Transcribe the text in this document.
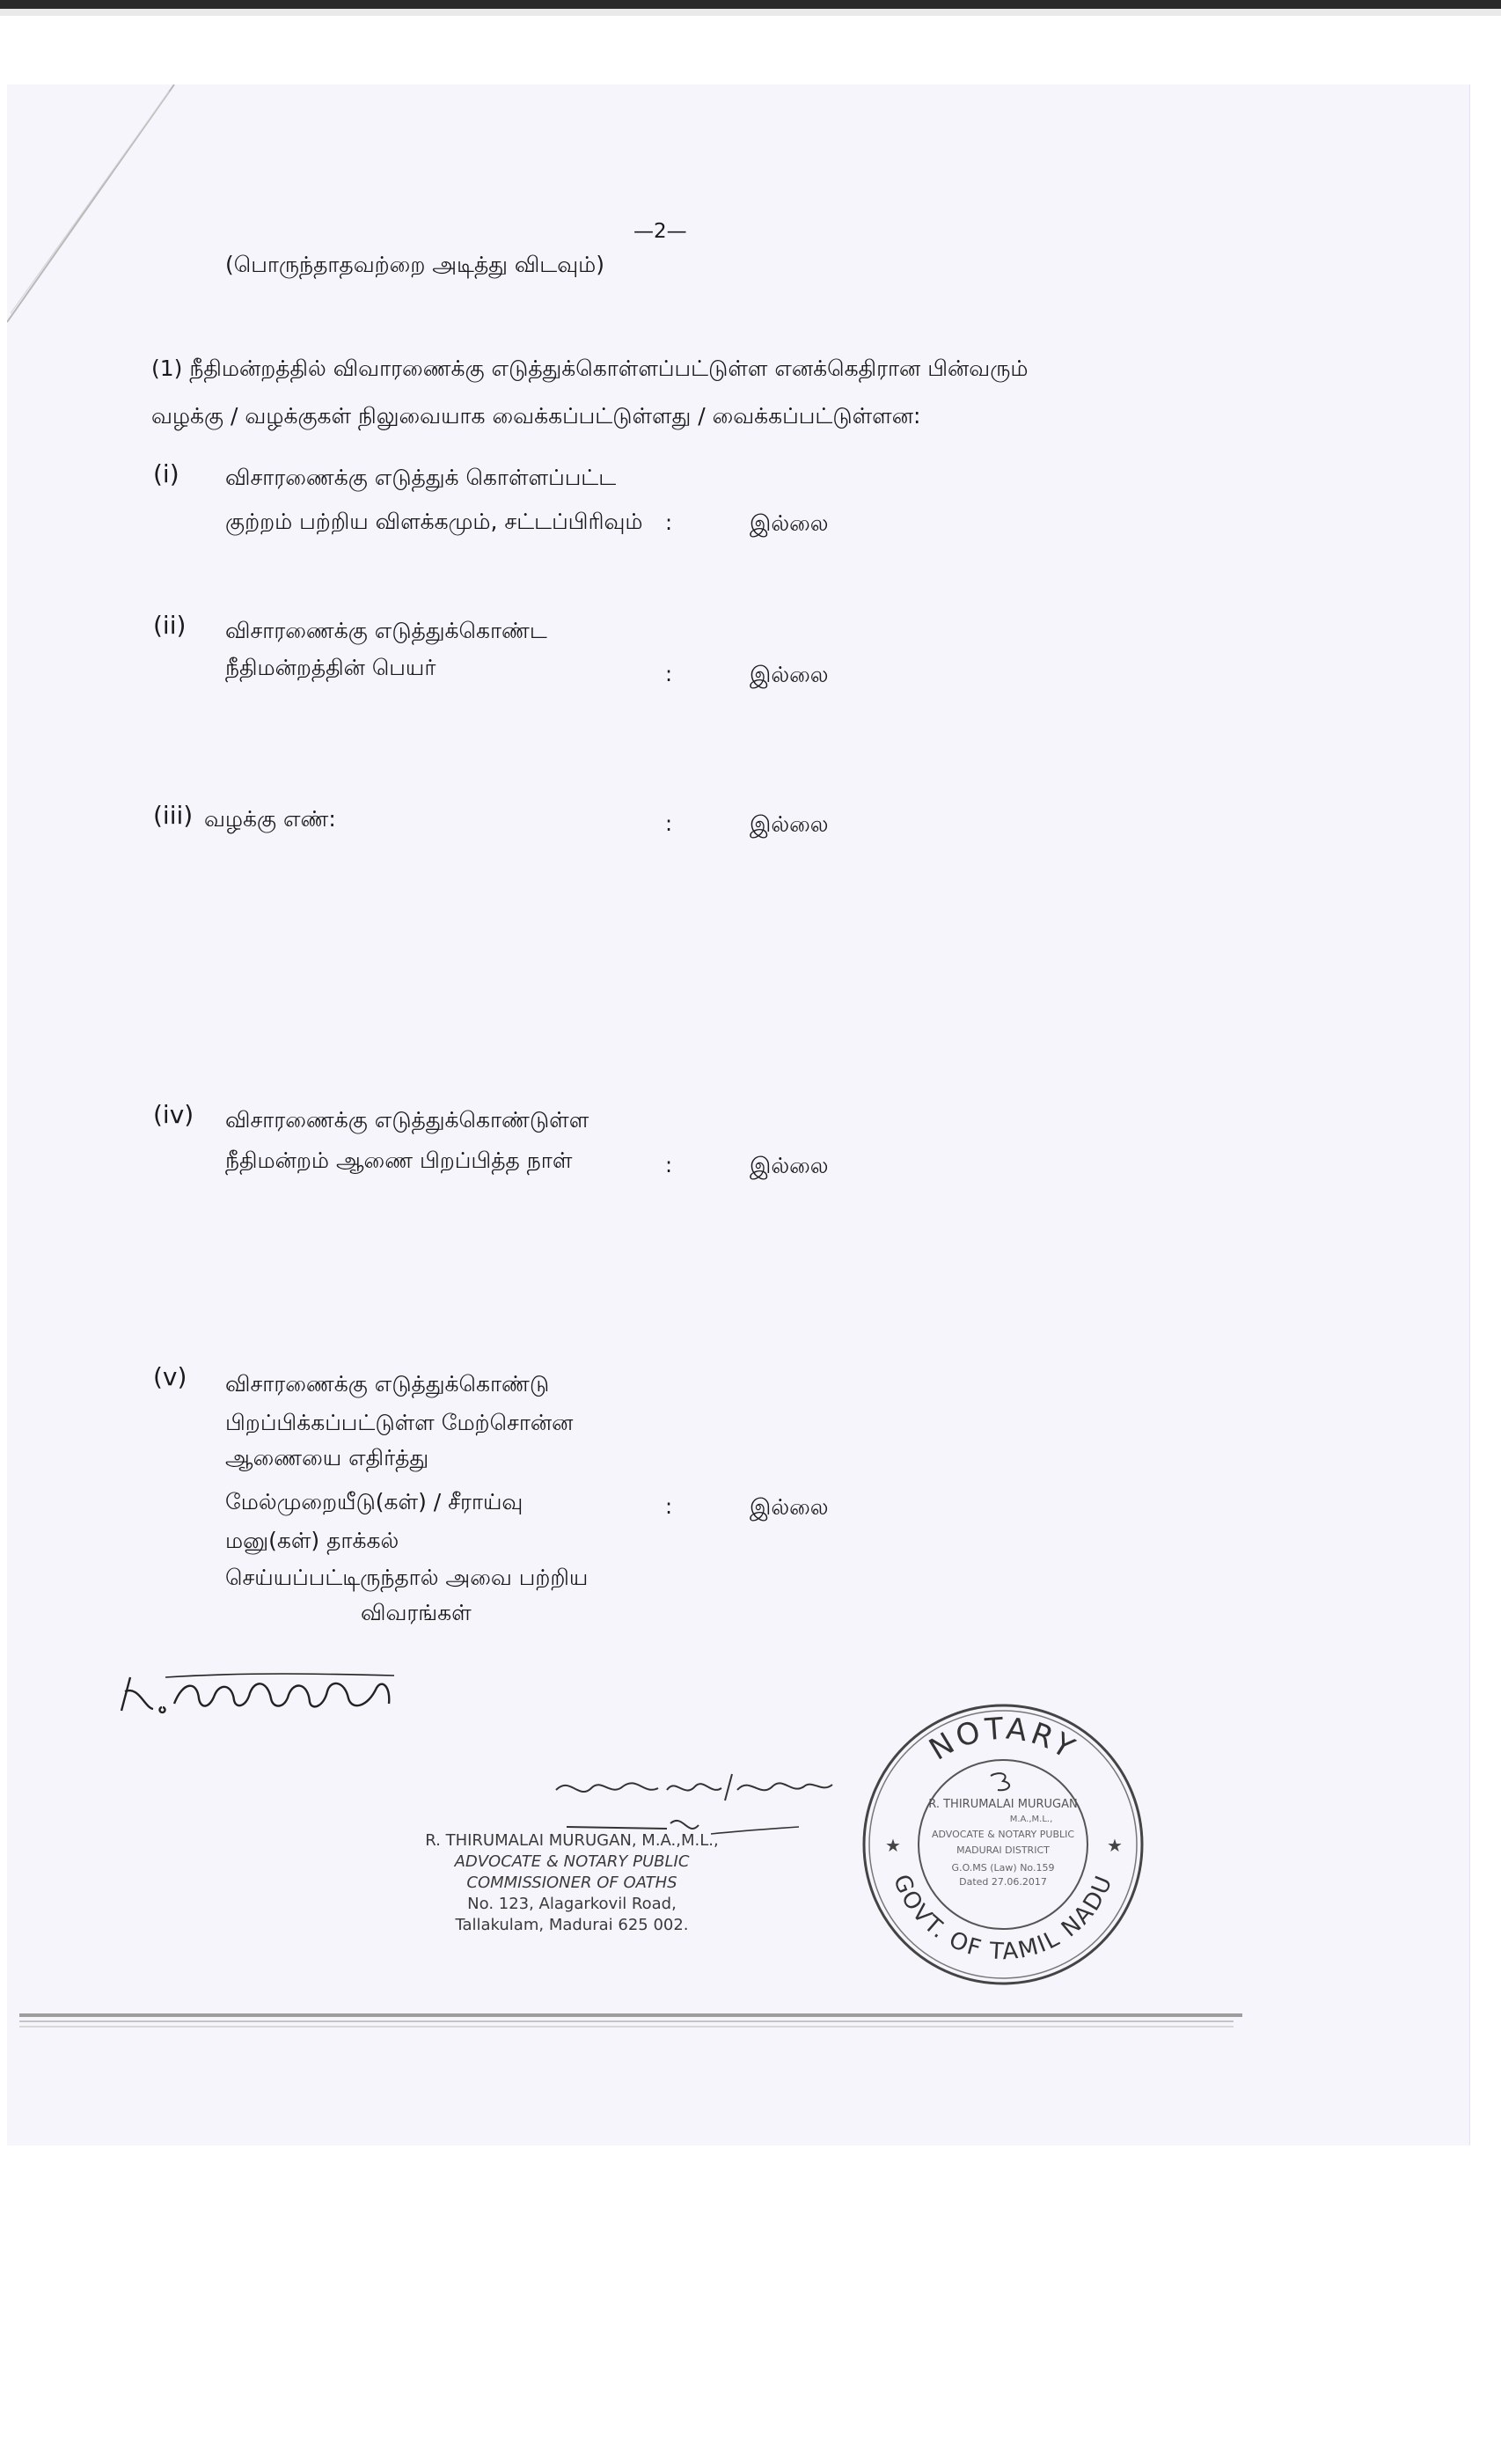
—2—
(பொருந்தாதவற்றை அடித்து விடவும்)
(1) நீதிமன்றத்தில் விவாரணைக்கு எடுத்துக்கொள்ளப்பட்டுள்ள எனக்கெதிரான பின்வரும்
வழக்கு / வழக்குகள் நிலுவையாக வைக்கப்பட்டுள்ளது / வைக்கப்பட்டுள்ளன:
(i) விசாரணைக்கு எடுத்துக் கொள்ளப்பட்ட
குற்றம் பற்றிய விளக்கமும், சட்டப்பிரிவும் :	இல்லை
(ii) விசாரணைக்கு எடுத்துக்கொண்ட
நீதிமன்றத்தின் பெயர்	:	இல்லை
(iii) வழக்கு எண்:	:	இல்லை
(iv) விசாரணைக்கு எடுத்துக்கொண்டுள்ள
நீதிமன்றம் ஆணை பிறப்பித்த நாள்	:	இல்லை
(v) விசாரணைக்கு எடுத்துக்கொண்டு
பிறப்பிக்கப்பட்டுள்ள மேற்சொன்ன
ஆணையை எதிர்த்து
மேல்முறையீடு(கள்) / சீராய்வு
மனு(கள்) தாக்கல்
செய்யப்பட்டிருந்தால் அவை பற்றிய
விவரங்கள்
:	இல்லை
R. THIRUMALAI MURUGAN, M.A.,M.L.,
ADVOCATE & NOTARY PUBLIC
COMMISSIONER OF OATHS
No. 123, Alagarkovil Road,
Tallakulam, Madurai 625 002.
NOTARY
GOVT. OF TAMIL NADU
★	★
R. THIRUMALAI MURUGAN
M.A.,M.L.,
ADVOCATE & NOTARY PUBLIC
MADURAI DISTRICT
G.O.MS (Law) No.159
Dated 27.06.2017
